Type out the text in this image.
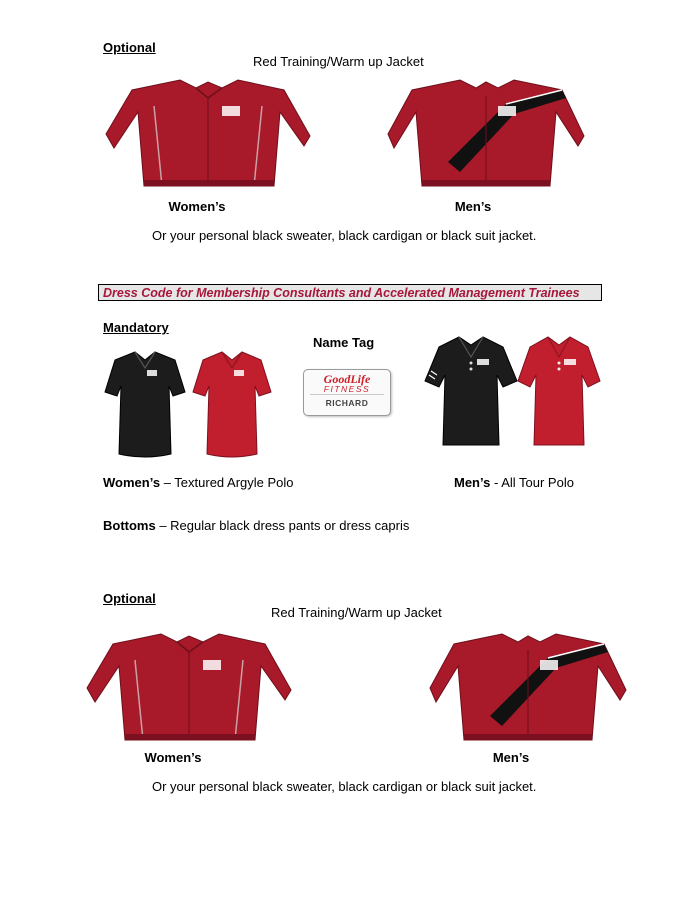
Optional
Red Training/Warm up Jacket
Women’s	Men’s
Or your personal black sweater, black cardigan or black suit jacket.
Dress Code for Membership Consultants and Accelerated Management Trainees
Mandatory
Name Tag
GoodLife
FITNESS
RICHARD
Women’s – Textured Argyle Polo	Men’s - All Tour Polo
Bottoms – Regular black dress pants or dress capris
Optional
Red Training/Warm up Jacket
Women’s	Men’s
Or your personal black sweater, black cardigan or black suit jacket.
